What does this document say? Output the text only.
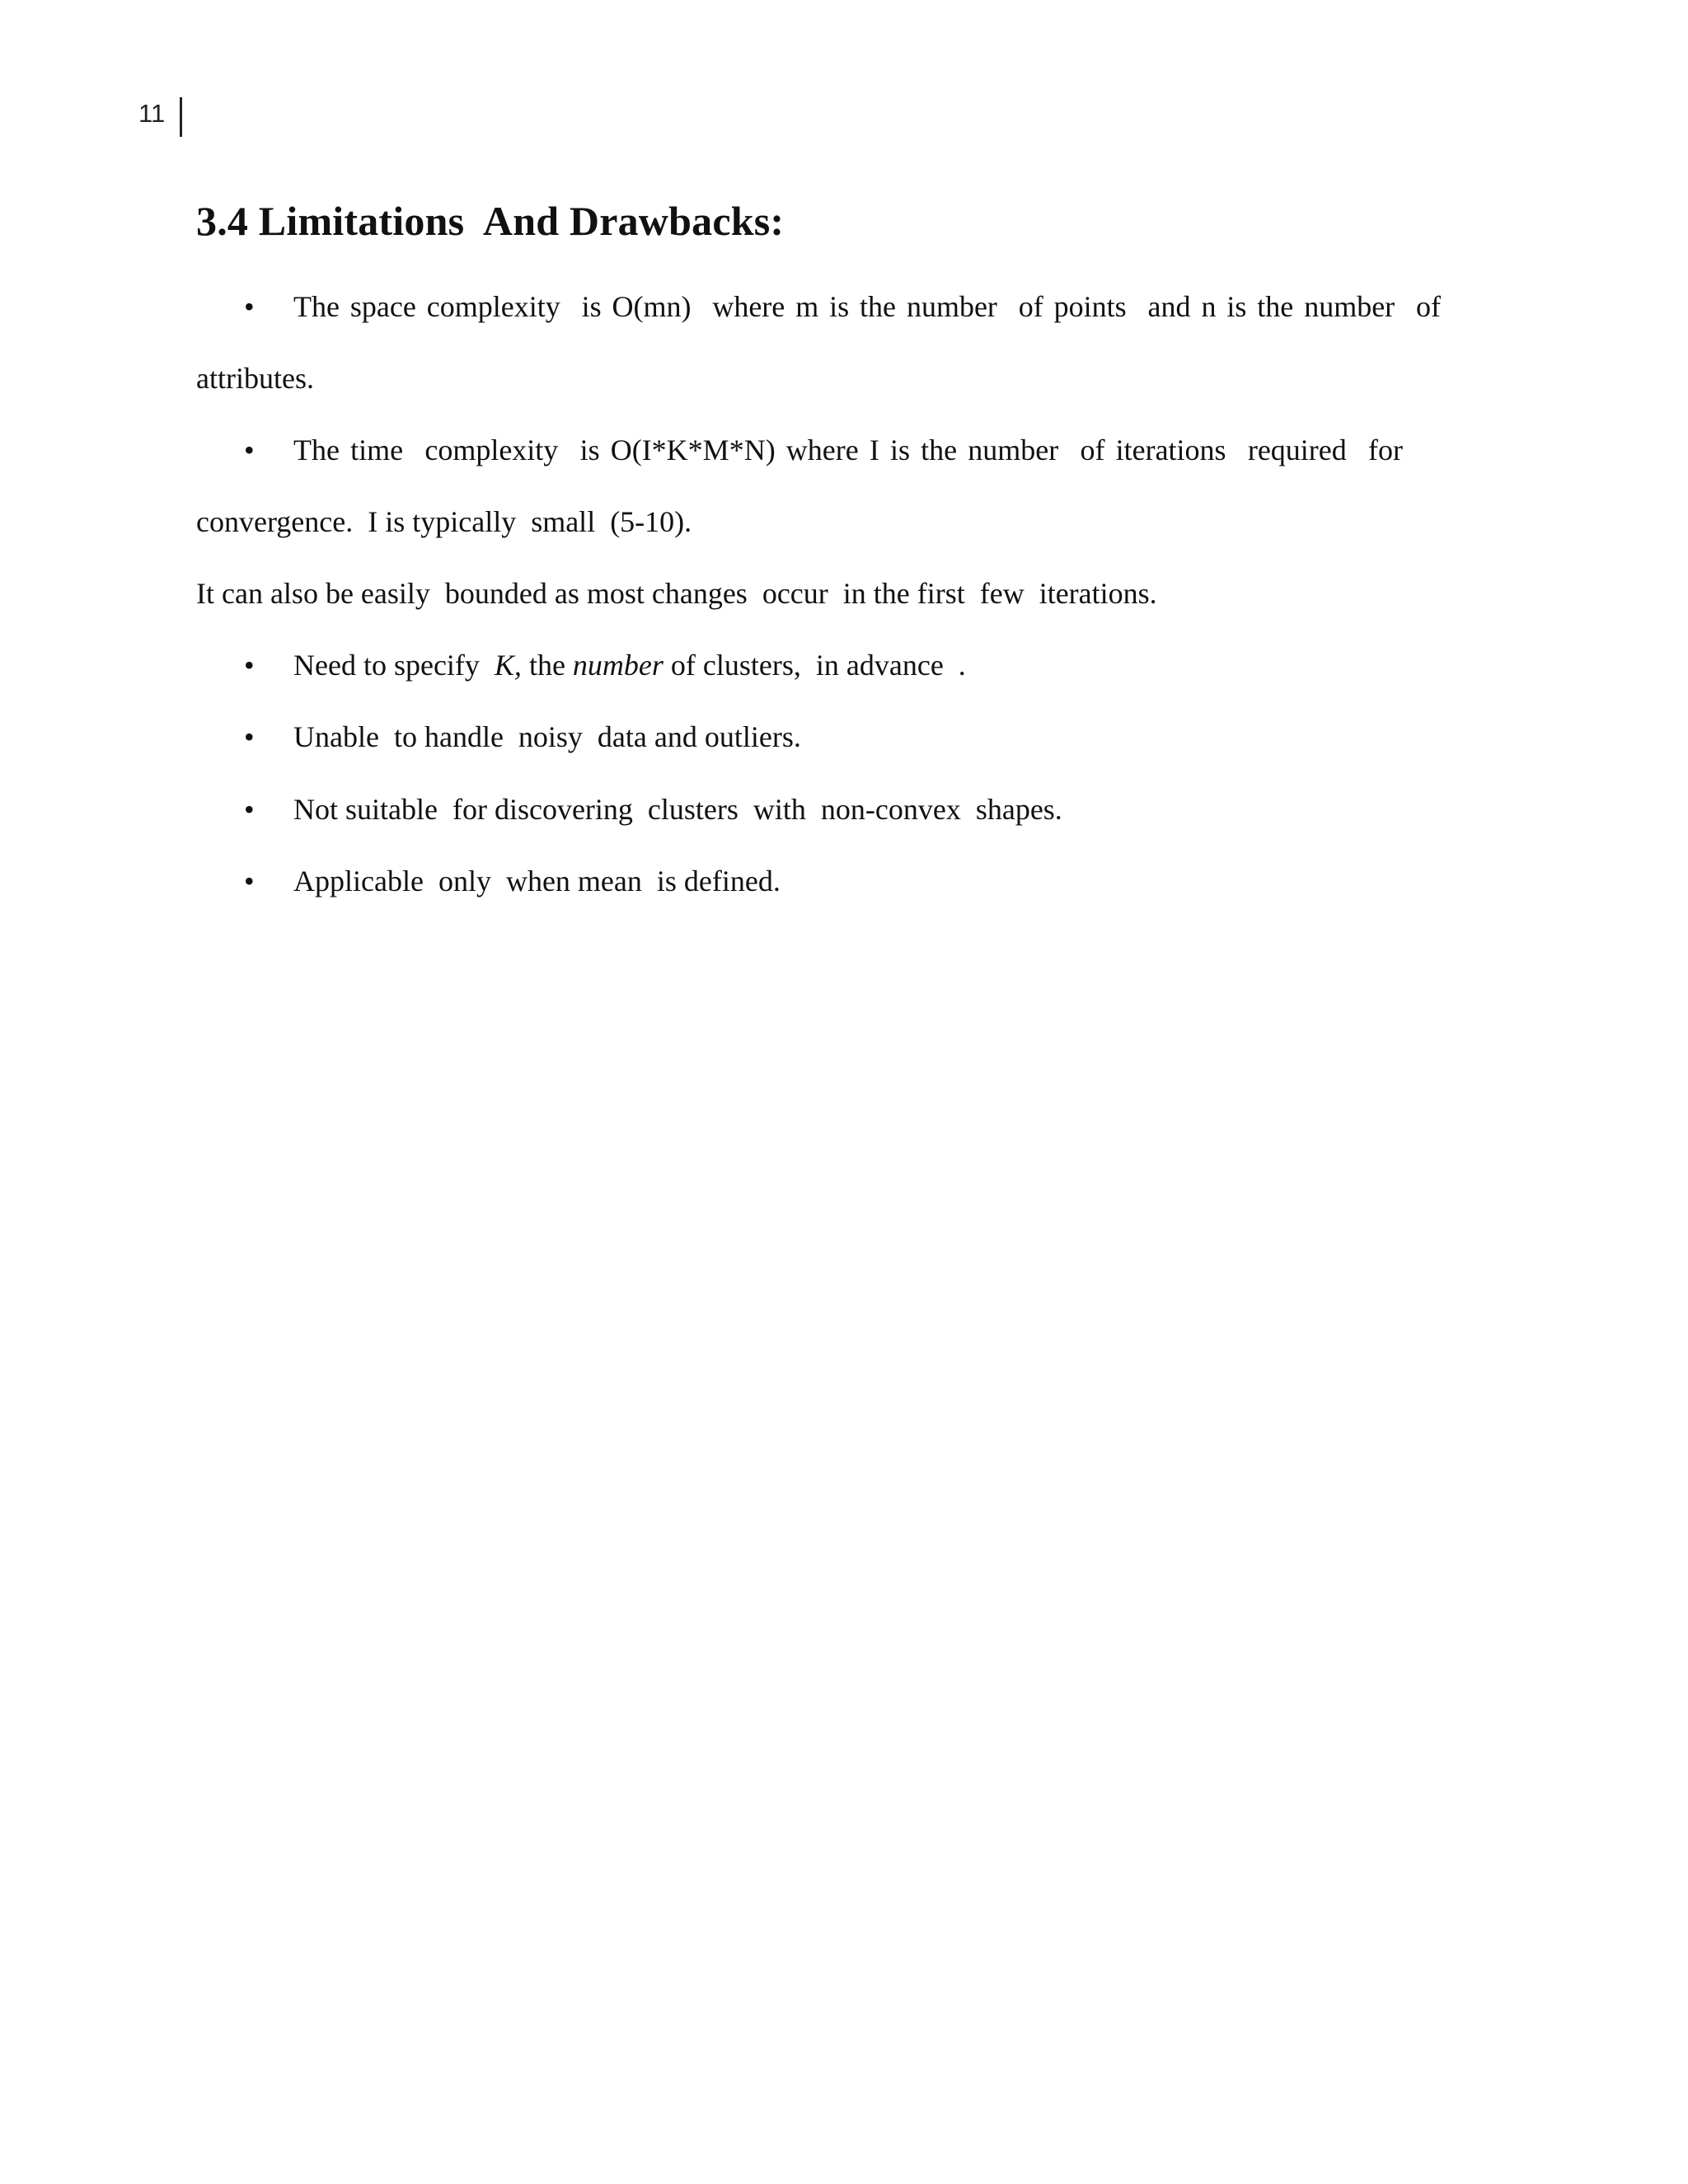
11
3.4 Limitations  And Drawbacks:
• The space complexity  is O(mn)  where m is the number  of points  and n is the number  of
attributes.
• The time  complexity  is O(I*K*M*N) where I is the number  of iterations  required  for
convergence.  I is typically  small  (5-10).
It can also be easily  bounded as most changes  occur  in the first  few  iterations.
• Need to specify  K, the number of clusters,  in advance  .
• Unable  to handle  noisy  data and outliers.
• Not suitable  for discovering  clusters  with  non-convex  shapes.
• Applicable  only  when mean  is defined.
